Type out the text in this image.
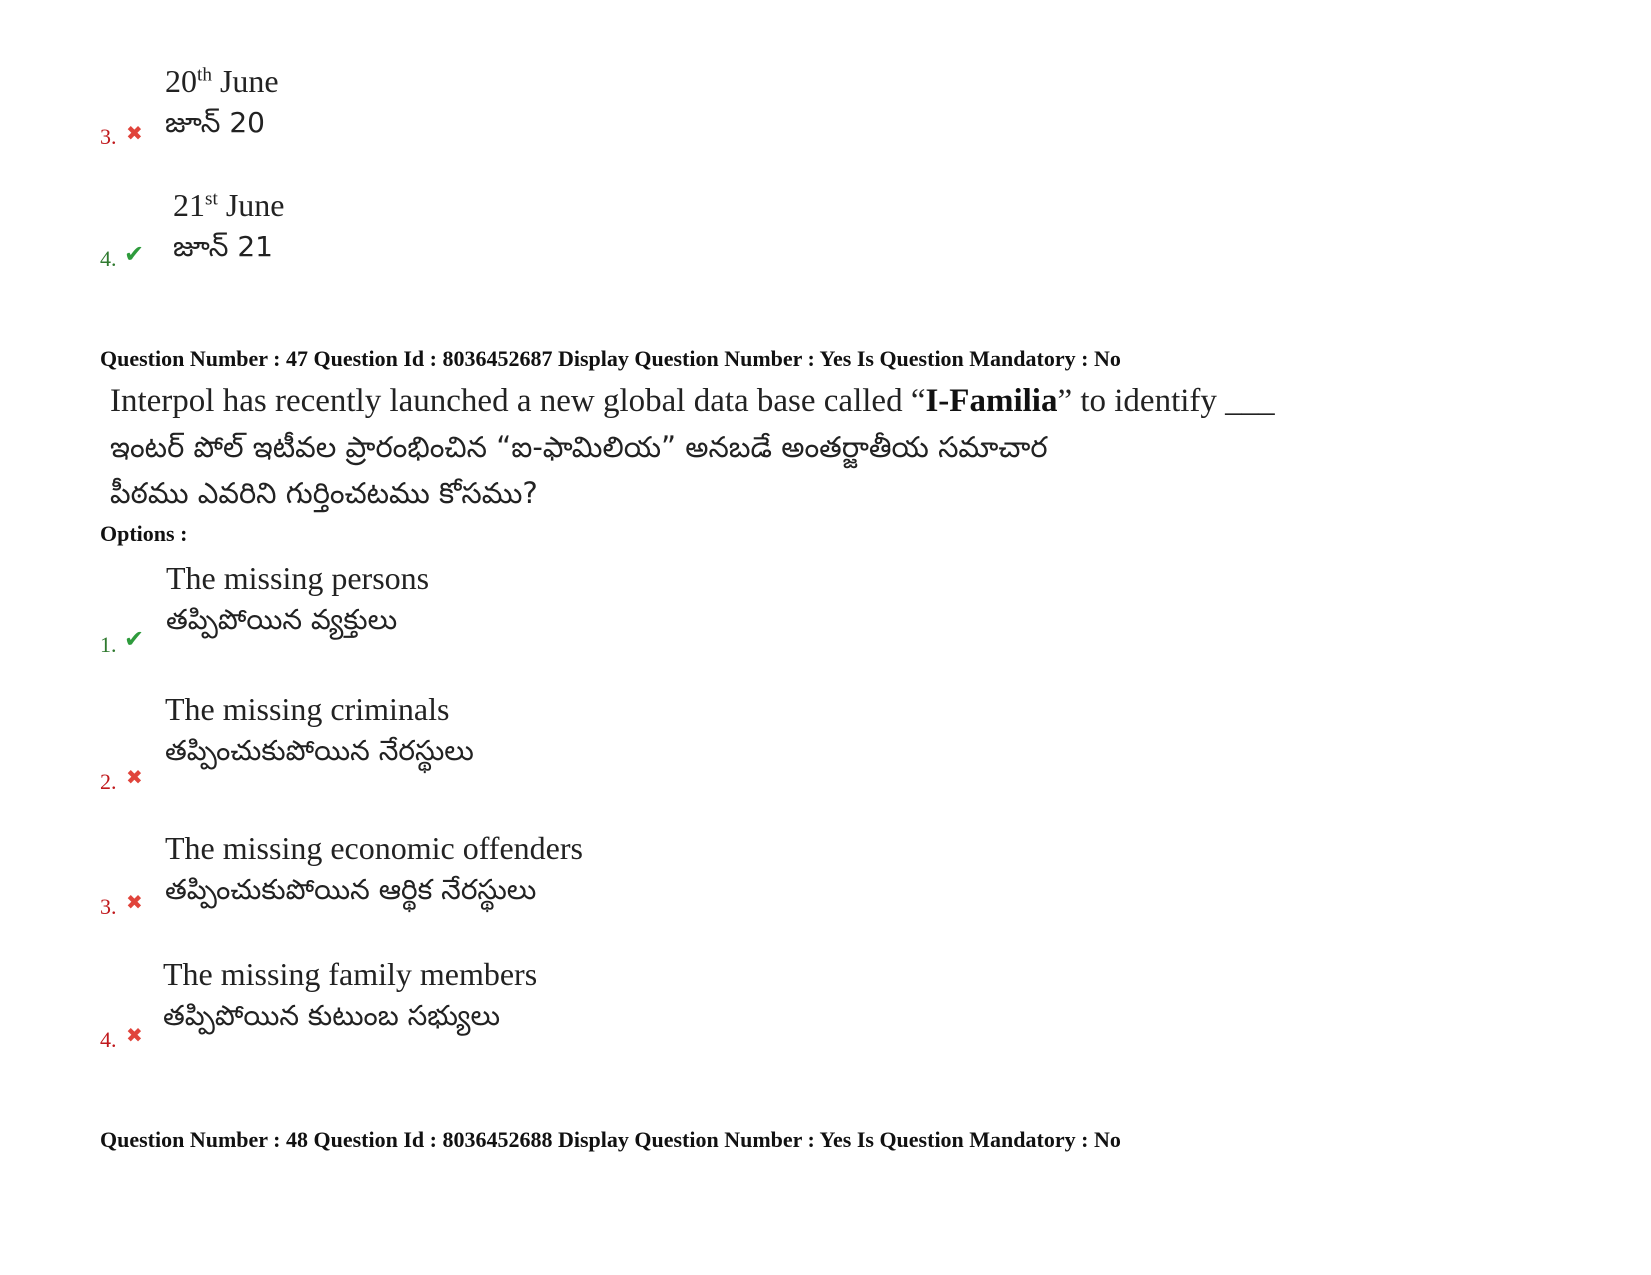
20th June
జూన్ 20
3. ✖
21st June
జూన్ 21
4. ✔
Question Number : 47 Question Id : 8036452687 Display Question Number : Yes Is Question Mandatory : No
Interpol has recently launched a new global data base called “I-Familia” to identify ___
ఇంటర్ పోల్ ఇటీవల ప్రారంభించిన “ఐ-ఫామిలియ” అనబడే అంతర్జాతీయ సమాచార
పీఠము ఎవరిని గుర్తించటము కోసము?
Options :
The missing persons
తప్పిపోయిన వ్యక్తులు
1. ✔
The missing criminals
తప్పించుకుపోయిన నేరస్థులు
2. ✖
The missing economic offenders
తప్పించుకుపోయిన ఆర్థిక నేరస్థులు
3. ✖
The missing family members
తప్పిపోయిన కుటుంబ సభ్యులు
4. ✖
Question Number : 48 Question Id : 8036452688 Display Question Number : Yes Is Question Mandatory : No
